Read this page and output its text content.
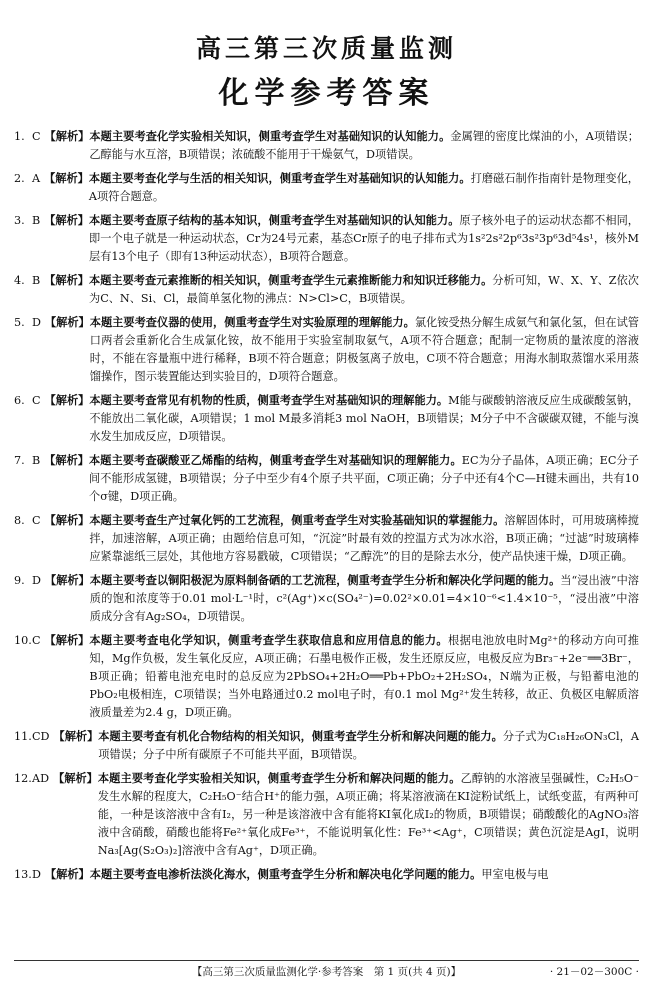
高三第三次质量监测
化学参考答案
1. C 【解析】 本题主要考查化学实验相关知识，侧重考查学生对基础知识的认知能力。金属锂的密度比煤油的小，A项错误；乙醇能与水互溶，B项错误；浓硫酸不能用于干燥氨气，D项错误。
2. A 【解析】 本题主要考查化学与生活的相关知识，侧重考查学生对基础知识的认知能力。打磨磁石制作指南针是物理变化，A项符合题意。
3. B 【解析】 本题主要考查原子结构的基本知识，侧重考查学生对基础知识的认知能力。原子核外电子的运动状态都不相同，即一个电子就是一种运动状态，Cr为24号元素，基态Cr原子的电子排布式为1s²2s²2p⁶3s²3p⁶3d⁵4s¹，核外M层有13个电子（即有13种运动状态），B项符合题意。
4. B 【解析】 本题主要考查元素推断的相关知识，侧重考查学生元素推断能力和知识迁移能力。分析可知，W、X、Y、Z依次为C、N、Si、Cl，最简单氢化物的沸点：N>Cl>C，B项错误。
5. D 【解析】 本题主要考查仪器的使用，侧重考查学生对实验原理的理解能力。氯化铵受热分解生成氨气和氯化氢，但在试管口两者会重新化合生成氯化铵，故不能用于实验室制取氨气，A项不符合题意；配制一定物质的量浓度的溶液时，不能在容量瓶中进行稀释，B项不符合题意；阴极氢离子放电，C项不符合题意；用海水制取蒸馏水采用蒸馏操作，图示装置能达到实验目的，D项符合题意。
6. C 【解析】 本题主要考查常见有机物的性质，侧重考查学生对基础知识的理解能力。M能与碳酸钠溶液反应生成碳酸氢钠，不能放出二氧化碳，A项错误；1 mol M最多消耗3 mol NaOH，B项错误；M分子中不含碳碳双键，不能与溴水发生加成反应，D项错误。
7. B 【解析】 本题主要考查碳酸亚乙烯酯的结构，侧重考查学生对基础知识的理解能力。EC为分子晶体，A项正确；EC分子间不能形成氢键，B项错误；分子中至少有4个原子共平面，C项正确；分子中还有4个C—H键未画出，共有10个σ键，D项正确。
8. C 【解析】 本题主要考查生产过氧化钙的工艺流程，侧重考查学生对实验基础知识的掌握能力。溶解固体时，可用玻璃棒搅拌，加速溶解，A项正确；由题给信息可知，“沉淀”时最有效的控温方式为冰水浴，B项正确；“过滤”时玻璃棒应紧靠滤纸三层处，其他地方容易戳破，C项错误；“乙醇洗”的目的是除去水分，使产品快速干燥，D项正确。
9. D 【解析】 本题主要考查以铜阳极泥为原料制备硒的工艺流程，侧重考查学生分析和解决化学问题的能力。当“浸出液”中溶质的饱和浓度等于0.01 mol·L⁻¹时，c²(Ag⁺)×c(SO₄²⁻)=0.02²×0.01=4×10⁻⁶<1.4×10⁻⁵，“浸出液”中溶质成分含有Ag₂SO₄，D项错误。
10.C 【解析】 本题主要考查电化学知识，侧重考查学生获取信息和应用信息的能力。根据电池放电时Mg²⁺的移动方向可推知，Mg作负极，发生氧化反应，A项正确；石墨电极作正极，发生还原反应，电极反应为Br₃⁻+2e⁻══3Br⁻，B项正确；铅蓄电池充电时的总反应为2PbSO₄+2H₂O══Pb+PbO₂+2H₂SO₄，N端为正极，与铅蓄电池的PbO₂电极相连，C项错误；当外电路通过0.2 mol电子时，有0.1 mol Mg²⁺发生转移，故正、负极区电解质溶液质量差为2.4 g，D项正确。
11.CD 【解析】 本题主要考查有机化合物结构的相关知识，侧重考查学生分析和解决问题的能力。分子式为C₁₈H₂₆ON₃Cl，A项错误；分子中所有碳原子不可能共平面，B项错误。
12.AD 【解析】 本题主要考查化学实验相关知识，侧重考查学生分析和解决问题的能力。乙醇钠的水溶液呈强碱性，C₂H₅O⁻发生水解的程度大，C₂H₅O⁻结合H⁺的能力强，A项正确；将某溶液滴在KI淀粉试纸上，试纸变蓝，有两种可能，一种是该溶液中含有I₂，另一种是该溶液中含有能将KI氧化成I₂的物质，B项错误；硝酸酸化的AgNO₃溶液中含硝酸，硝酸也能将Fe²⁺氧化成Fe³⁺，不能说明氧化性：Fe³⁺<Ag⁺，C项错误；黄色沉淀是AgI，说明Na₃[Ag(S₂O₃)₂]溶液中含有Ag⁺，D项正确。
13.D 【解析】 本题主要考查电渗析法淡化海水，侧重考查学生分析和解决电化学问题的能力。甲室电极与电
【高三第三次质量监测化学·参考答案　第 1 页(共 4 页)】	· 21－02－300C ·
